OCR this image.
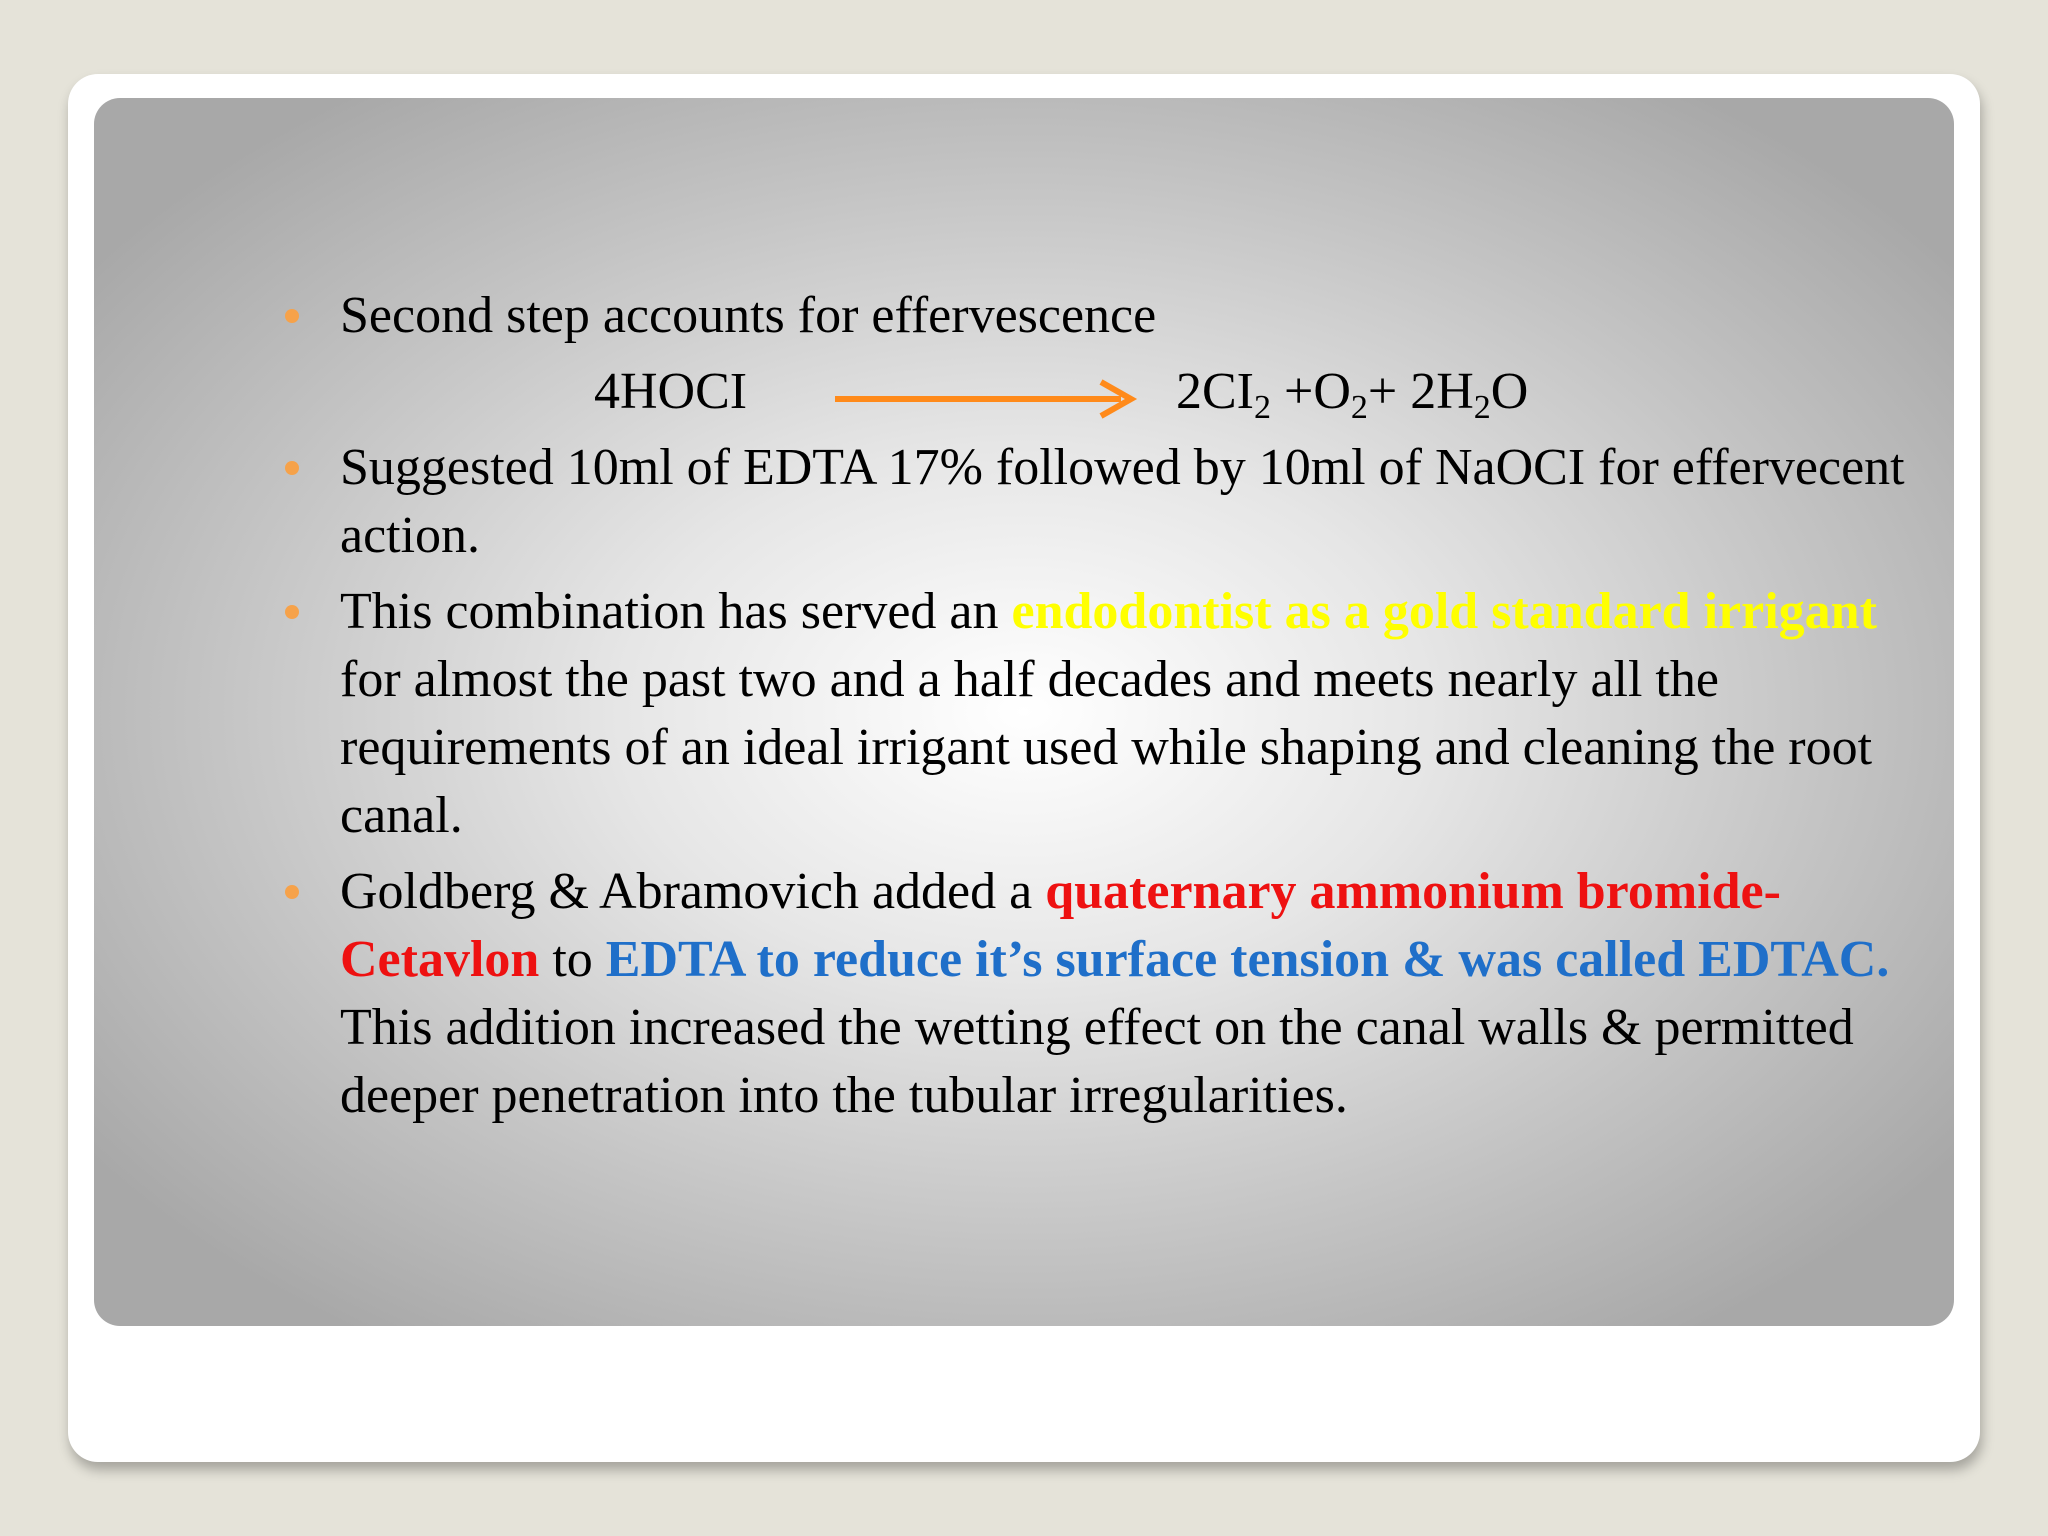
Second step accounts for effervescence
4HOCI	$2CI_2 +O_2+ 2H_2O$
Suggested 10ml of EDTA 17% followed by 10ml of NaOCI for effervecent action.
This combination has served an endodontist as a gold standard irrigant for almost the past two and a half decades and meets nearly all the requirements of an ideal irrigant used while shaping and cleaning the root canal.
Goldberg & Abramovich added a quaternary ammonium bromide-Cetavlon to EDTA to reduce it’s surface tension & was called EDTAC. This addition increased the wetting effect on the canal walls & permitted deeper penetration into the tubular irregularities.
